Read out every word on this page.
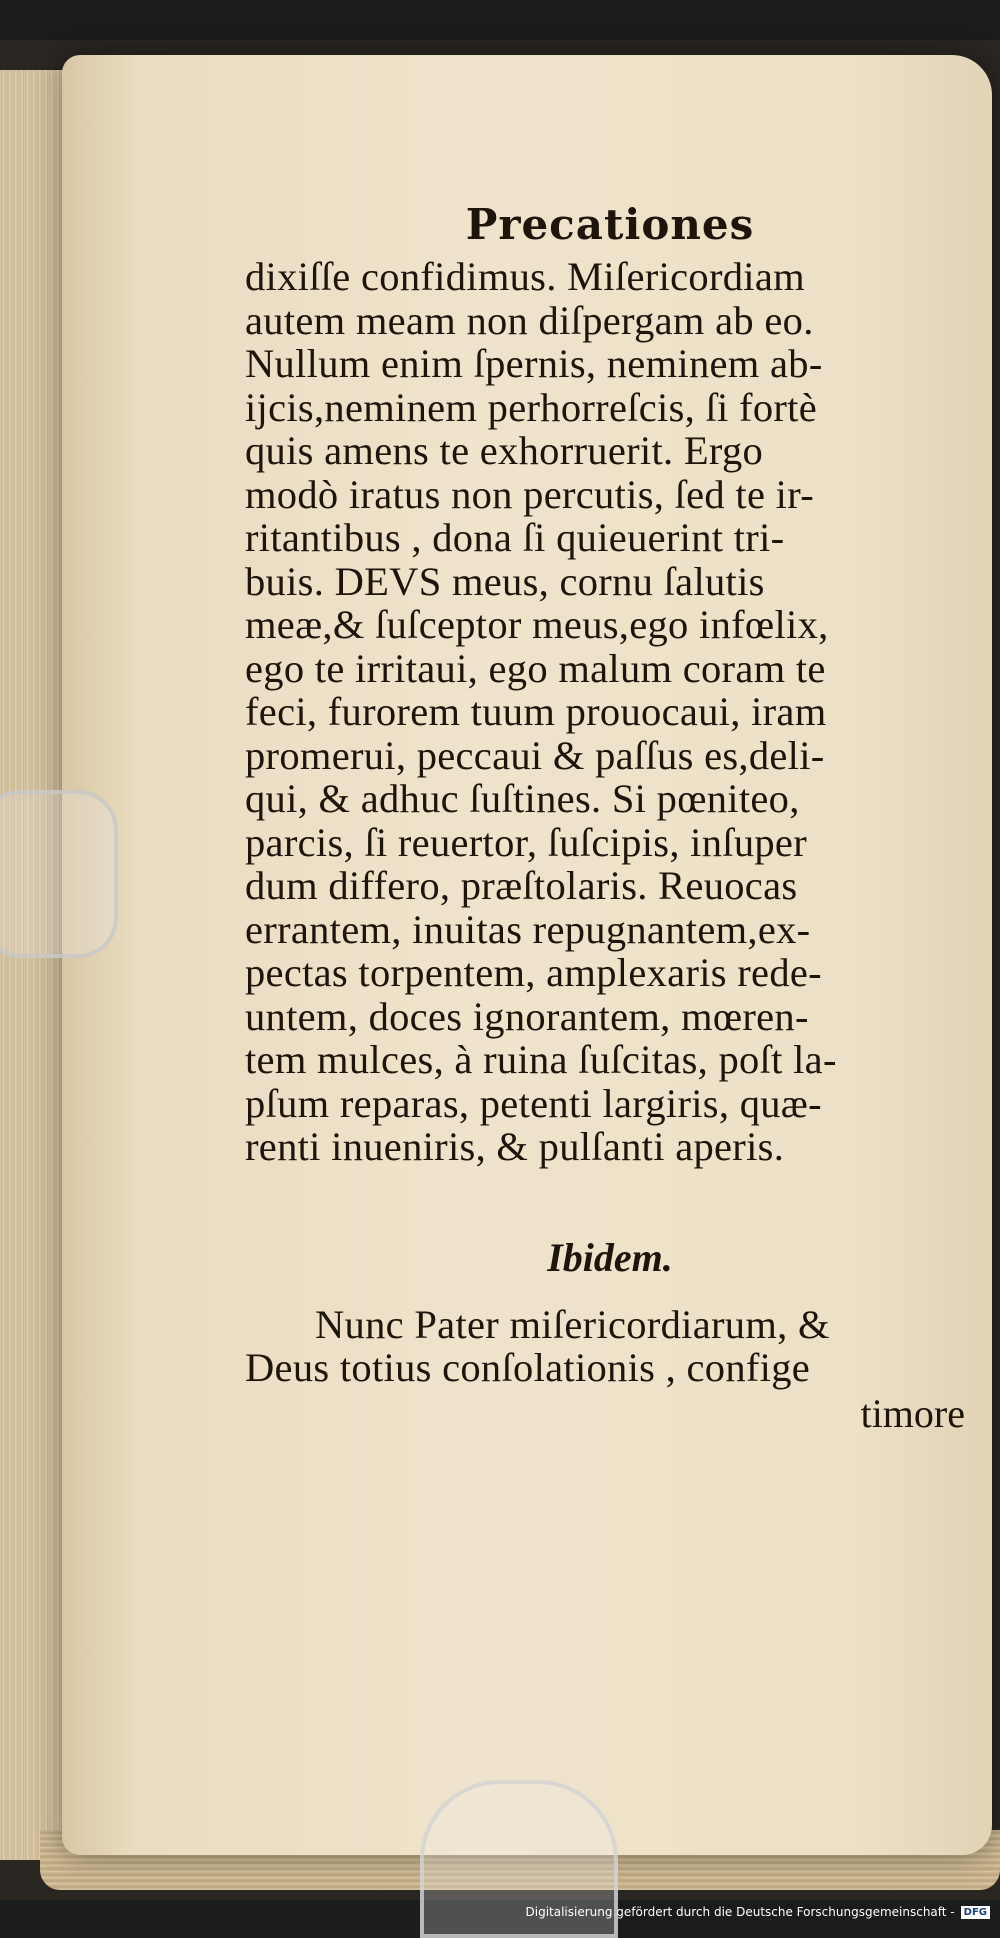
Precationes
dixiſſe confidimus. Miſericordiam
autem meam non diſpergam ab eo.
Nullum enim ſpernis, neminem ab-
ijcis,neminem perhorreſcis, ſi fortè
quis amens te exhorruerit. Ergo
modò iratus non percutis, ſed te ir-
ritantibus , dona ſi quieuerint tri-
buis. DEVS meus, cornu ſalutis
meæ,& ſuſceptor meus,ego infœlix,
ego te irritaui, ego malum coram te
feci, furorem tuum prouocaui, iram
promerui, peccaui & paſſus es,deli-
qui, & adhuc ſuſtines. Si pœniteo,
parcis, ſi reuertor, ſuſcipis, inſuper
dum differo, præſtolaris. Reuocas
errantem, inuitas repugnantem,ex-
pectas torpentem, amplexaris rede-
untem, doces ignorantem, mœren-
tem mulces, à ruina ſuſcitas, poſt la-
pſum reparas, petenti largiris, quæ-
renti inueniris, & pulſanti aperis.
Ibidem.
Nunc Pater miſericordiarum, &
Deus totius conſolationis , confige
timore
Digitalisierung gefördert durch die Deutsche Forschungsgemeinschaft - DFG
